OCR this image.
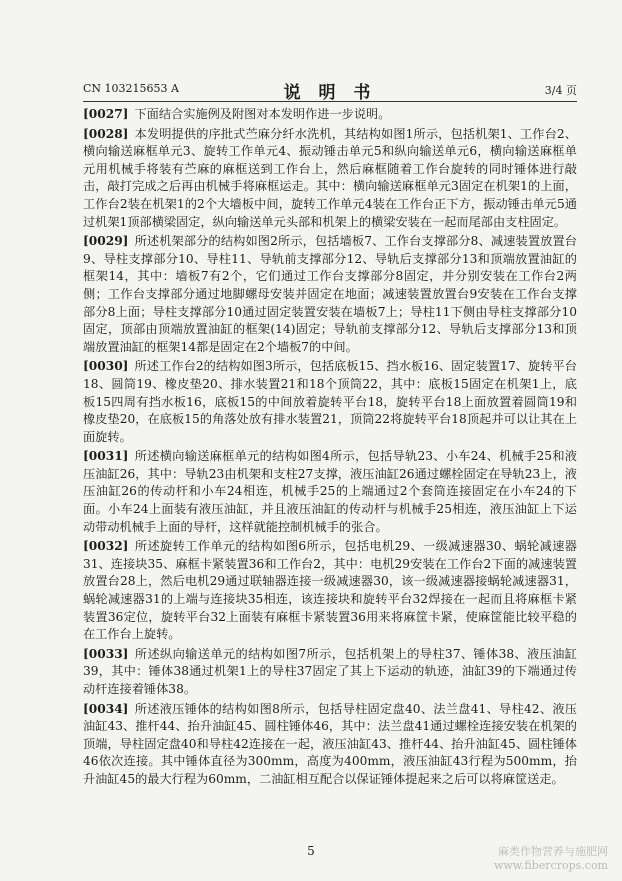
CN 103215653 A	说 明 书	3/4 页

[0027] 下面结合实施例及附图对本发明作进一步说明。

[0028] 本发明提供的序批式苎麻分纤水洗机，其结构如图1所示，包括机架1、工作台2、横向输送麻框单元3、旋转工作单元4、振动锤击单元5和纵向输送单元6，横向输送麻框单元用机械手将装有苎麻的麻框送到工作台上，然后麻框随着工作台旋转的同时锤体进行敲击，敲打完成之后再由机械手将麻框运走。其中：横向输送麻框单元3固定在机架1的上面，工作台2装在机架1的2个大墙板中间，旋转工作单元4装在工作台正下方，振动锤击单元5通过机架1顶部横梁固定，纵向输送单元头部和机架上的横梁安装在一起而尾部由支柱固定。

[0029] 所述机架部分的结构如图2所示，包括墙板7、工作台支撑部分8、减速装置放置台9、导柱支撑部分10、导柱11、导轨前支撑部分12、导轨后支撑部分13和顶端放置油缸的框架14，其中：墙板7有2个，它们通过工作台支撑部分8固定，并分别安装在工作台2两侧；工作台支撑部分通过地脚螺母安装并固定在地面；减速装置放置台9安装在工作台支撑部分8上面；导柱支撑部分10通过固定装置安装在墙板7上；导柱11下侧由导柱支撑部分10固定，顶部由顶端放置油缸的框架(14)固定；导轨前支撑部分12、导轨后支撑部分13和顶端放置油缸的框架14都是固定在2个墙板7的中间。

[0030] 所述工作台2的结构如图3所示，包括底板15、挡水板16、固定装置17、旋转平台18、圆筒19、橡皮垫20、排水装置21和18个顶筒22，其中：底板15固定在机架1上，底板15四周有挡水板16，底板15的中间放着旋转平台18，旋转平台18上面放置着圆筒19和橡皮垫20，在底板15的角落处放有排水装置21，顶筒22将旋转平台18顶起并可以让其在上面旋转。

[0031] 所述横向输送麻框单元的结构如图4所示，包括导轨23、小车24、机械手25和液压油缸26，其中：导轨23由机架和支柱27支撑，液压油缸26通过螺栓固定在导轨23上，液压油缸26的传动杆和小车24相连，机械手25的上端通过2个套筒连接固定在小车24的下面。小车24上面装有液压油缸，并且液压油缸的传动杆与机械手25相连，液压油缸上下运动带动机械手上面的导杆，这样就能控制机械手的张合。

[0032] 所述旋转工作单元的结构如图6所示，包括电机29、一级减速器30、蜗轮减速器31、连接块35、麻框卡紧装置36和工作台2，其中：电机29安装在工作台2下面的减速装置放置台28上，然后电机29通过联轴器连接一级减速器30，该一级减速器接蜗轮减速器31，蜗轮减速器31的上端与连接块35相连，该连接块和旋转平台32焊接在一起而且将麻框卡紧装置36定位，旋转平台32上面装有麻框卡紧装置36用来将麻筐卡紧，使麻筐能比较平稳的在工作台上旋转。

[0033] 所述纵向输送单元的结构如图7所示，包括机架上的导柱37、锤体38、液压油缸39，其中：锤体38通过机架1上的导柱37固定了其上下运动的轨迹，油缸39的下端通过传动杆连接着锤体38。

[0034] 所述液压锤体的结构如图8所示，包括导柱固定盘40、法兰盘41、导柱42、液压油缸43、推杆44、抬升油缸45、圆柱锤体46，其中：法兰盘41通过螺栓连接安装在机架的顶端，导柱固定盘40和导柱42连接在一起，液压油缸43、推杆44、抬升油缸45、圆柱锤体46依次连接。其中锤体直径为300mm，高度为400mm，液压油缸43行程为500mm，抬升油缸45的最大行程为60mm，二油缸相互配合以保证锤体提起来之后可以将麻筐送走。

5	麻类作物营养与施肥网
www.fibercrops.com
